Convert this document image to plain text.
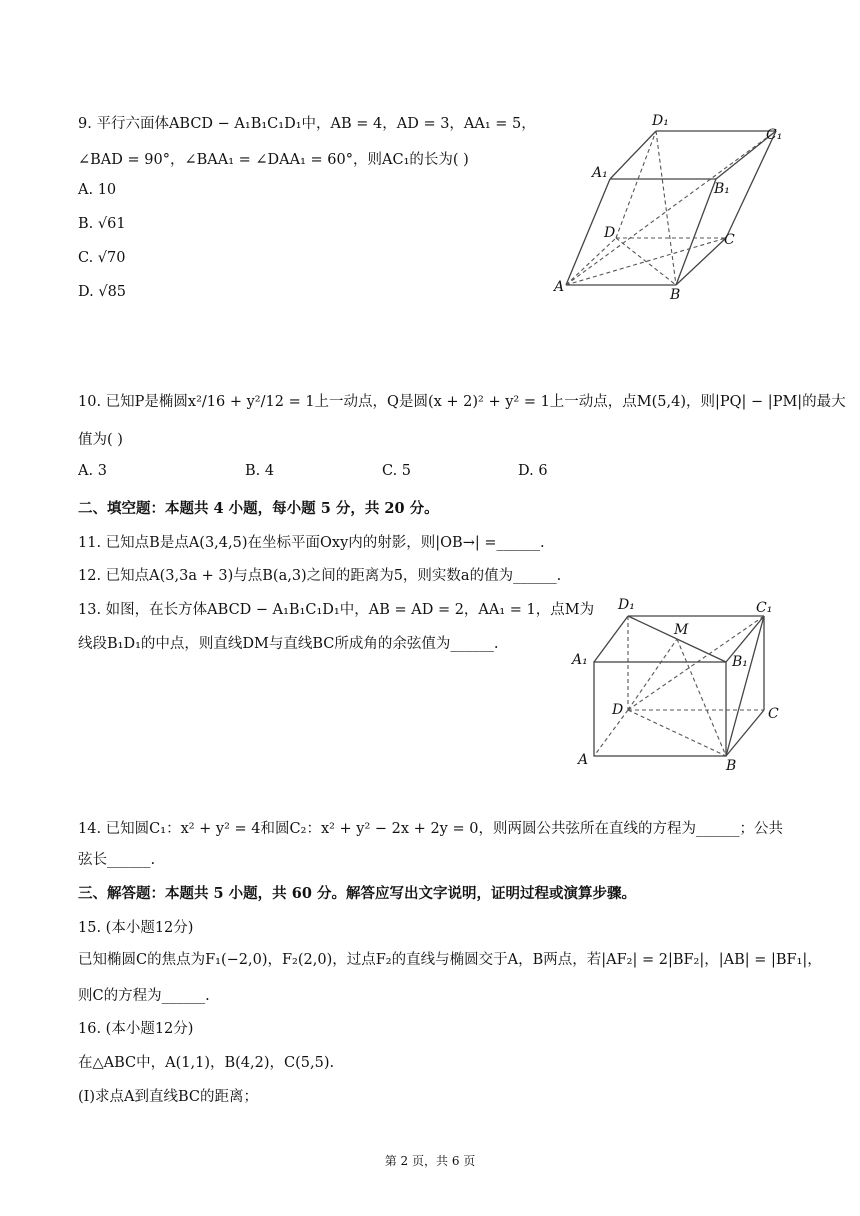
9. 平行六面体ABCD − A₁B₁C₁D₁中，AB = 4，AD = 3，AA₁ = 5，
∠BAD = 90°，∠BAA₁ = ∠DAA₁ = 60°，则AC₁的长为( )
A. 10
B. √61
C. √70
D. √85
D₁
C₁
A₁
B₁
D	C
A	B
10. 已知P是椭圆x²/16 + y²/12 = 1上一动点，Q是圆(x + 2)² + y² = 1上一动点，点M(5,4)，则|PQ| − |PM|的最大
值为( )
A. 3	B. 4	C. 5	D. 6
二、填空题：本题共 4 小题，每小题 5 分，共 20 分。
11. 已知点B是点A(3,4,5)在坐标平面Oxy内的射影，则|OB→| =______.
12. 已知点A(3,3a + 3)与点B(a,3)之间的距离为5，则实数a的值为______.
13. 如图，在长方体ABCD − A₁B₁C₁D₁中，AB = AD = 2，AA₁ = 1，点M为
线段B₁D₁的中点，则直线DM与直线BC所成角的余弦值为______.
D₁
M
C₁
A₁	B₁
D	C
A	B
14. 已知圆C₁：x² + y² = 4和圆C₂：x² + y² − 2x + 2y = 0，则两圆公共弦所在直线的方程为______；公共
弦长______.
三、解答题：本题共 5 小题，共 60 分。解答应写出文字说明，证明过程或演算步骤。
15. (本小题12分)
已知椭圆C的焦点为F₁(−2,0)，F₂(2,0)，过点F₂的直线与椭圆交于A，B两点，若|AF₂| = 2|BF₂|，|AB| = |BF₁|，
则C的方程为______.
16. (本小题12分)
在△ABC中，A(1,1)，B(4,2)，C(5,5).
(I)求点A到直线BC的距离；
第 2 页，共 6 页
